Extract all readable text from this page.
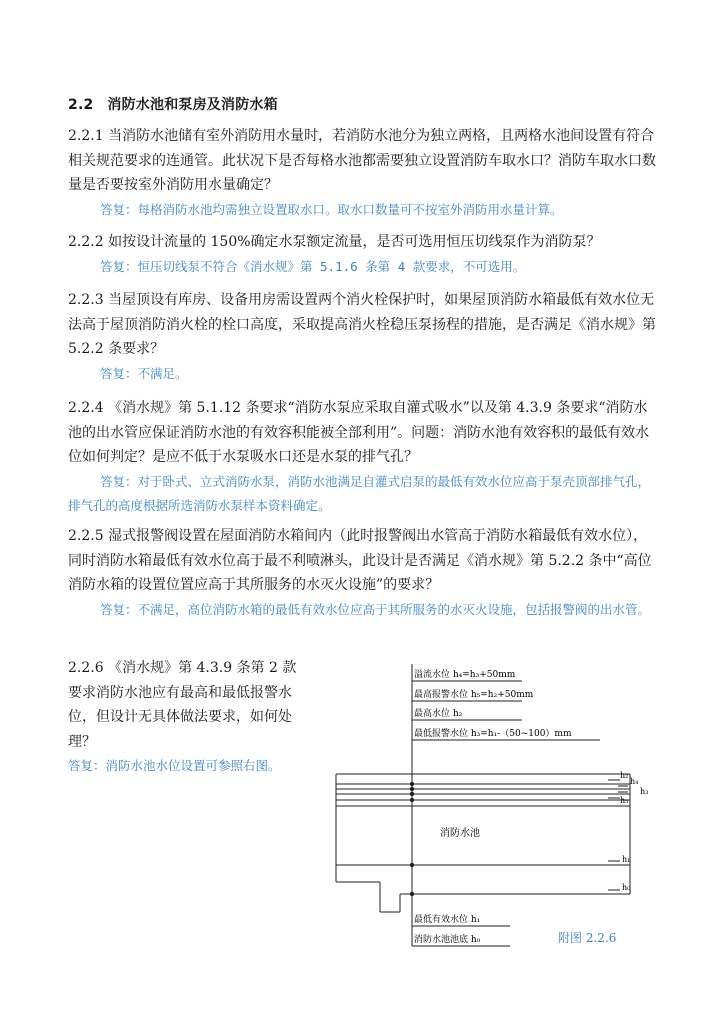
2.2 消防水池和泵房及消防水箱
2.2.1 当消防水池储有室外消防用水量时，若消防水池分为独立两格，且两格水池间设置有符合相关规范要求的连通管。此状况下是否每格水池都需要独立设置消防车取水口？消防车取水口数量是否要按室外消防用水量确定？
答复：每格消防水池均需独立设置取水口。取水口数量可不按室外消防用水量计算。
2.2.2 如按设计流量的 150%确定水泵额定流量，是否可选用恒压切线泵作为消防泵？
答复：恒压切线泵不符合《消水规》第 5.1.6 条第 4 款要求，不可选用。
2.2.3 当屋顶设有库房、设备用房需设置两个消火栓保护时，如果屋顶消防水箱最低有效水位无法高于屋顶消防消火栓的栓口高度，采取提高消火栓稳压泵扬程的措施，是否满足《消水规》第 5.2.2 条要求？
答复：不满足。
2.2.4 《消水规》第 5.1.12 条要求“消防水泵应采取自灌式吸水”以及第 4.3.9 条要求“消防水池的出水管应保证消防水池的有效容积能被全部利用”。问题：消防水池有效容积的最低有效水位如何判定？是应不低于水泵吸水口还是水泵的排气孔？
答复：对于卧式、立式消防水泵，消防水池满足自灌式启泵的最低有效水位应高于泵壳顶部排气孔，排气孔的高度根据所选消防水泵样本资料确定。
2.2.5 湿式报警阀设置在屋面消防水箱间内（此时报警阀出水管高于消防水箱最低有效水位），同时消防水箱最低有效水位高于最不利喷淋头，此设计是否满足《消水规》第 5.2.2 条中“高位消防水箱的设置位置应高于其所服务的水灭火设施”的要求？
答复：不满足，高位消防水箱的最低有效水位应高于其所服务的水灭火设施，包括报警阀的出水管。
2.2.6 《消水规》第 4.3.9 条第 2 款要求消防水池应有最高和最低报警水位，但设计无具体做法要求，如何处理？
答复：消防水池水位设置可参照右图。
溢流水位 h₄=h₃+50mm
最高报警水位 h₅=h₂+50mm
最高水位 h₂
最低报警水位 h₃=h₁-（50~100）mm
消防水池
h₂
h₄
h₃
h₅
h₁
h₀
最低有效水位 h₁
消防水池池底 h₀	附图 2.2.6
